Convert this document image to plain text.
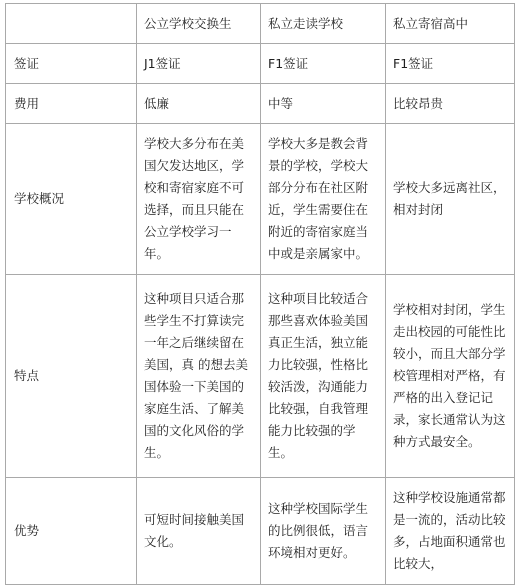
	公立学校交换生	私立走读学校	私立寄宿高中
签证	J1签证	F1签证	F1签证
费用	低廉	中等	比较昂贵
学校概况	学校大多分布在美国欠发达地区，学校和寄宿家庭不可选择，而且只能在公立学校学习一年。	学校大多是教会背景的学校，学校大部分分布在社区附近，学生需要住在附近的寄宿家庭当中或是亲属家中。	学校大多远离社区，相对封闭
特点	这种项目只适合那些学生不打算读完一年之后继续留在美国，真 的想去美国体验一下美国的家庭生活、了解美国的文化风俗的学生。	这种项目比较适合那些喜欢体验美国真正生活，独立能力比较强，性格比较活泼，沟通能力比较强，自我管理能力比较强的学生。	学校相对封闭，学生走出校园的可能性比较小，而且大部分学校管理相对严格，有严格的出入登记记录，家长通常认为这种方式最安全。
优势	可短时间接触美国文化。	这种学校国际学生的比例很低，语言环境相对更好。	这种学校设施通常都是一流的，活动比较多，占地面积通常也比较大，
